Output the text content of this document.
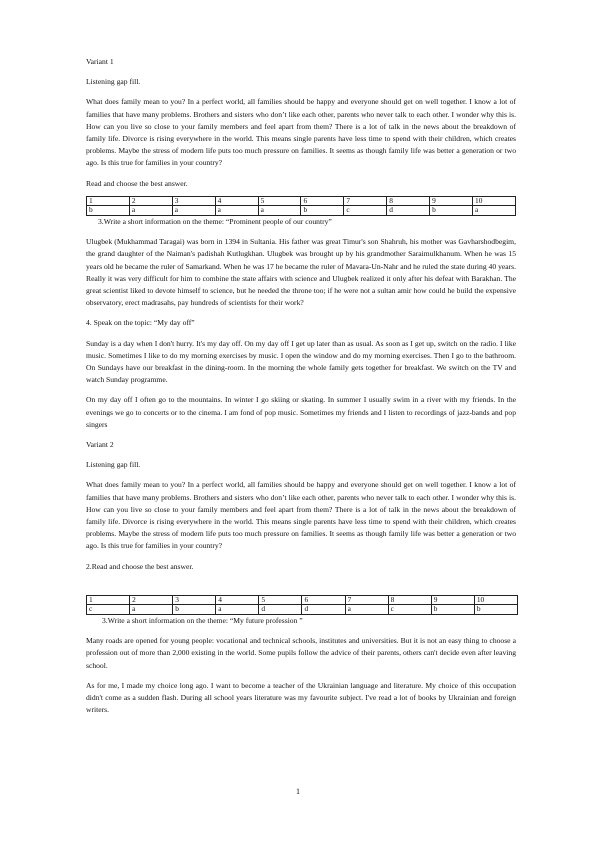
Variant 1

Listening gap fill.

What does family mean to you? In a perfect world, all families should be happy and everyone should get on well together. I know a lot of families that have many problems. Brothers and sisters who don’t like each other, parents who never talk to each other. I wonder why this is. How can you live so close to your family members and feel apart from them? There is a lot of talk in the news about the breakdown of family life. Divorce is rising everywhere in the world. This means single parents have less time to spend with their children, which creates problems. Maybe the stress of modern life puts too much pressure on families. It seems as though family life was better a generation or two ago. Is this true for families in your country?

Read and choose the best answer.

1	2	3	4	5	6	7	8	9	10
b	a	a	a	a	b	c	d	b	a

3.Write a short information on the theme: “Prominent people of our country”

Ulugbek (Mukhammad Taragai) was born in 1394 in Sultania. His father was great Timur's son Shahruh, his mother was Gavharshodbegim, the grand daughter of the Naiman's padishah Kutlugkhan. Ulugbek was brought up by his grandmother Saraimulkhanum. When he was 15 years old he became the ruler of Samarkand. When he was 17 he became the ruler of Mavara-Un-Nahr and he ruled the state during 40 years. Really it was very difficult for him to combine the state affairs with science and Ulugbek realized it only after his defeat with Barakhan. The great scientist liked to devote himself to science, but he needed the throne too; if he were not a sultan amir how could he build the expensive observatory, erect madrasahs, pay hundreds of scientists for their work?

4. Speak on the topic: “My day off”

Sunday is a day when I don't hurry. It's my day off. On my day off I get up later than as usual. As soon as I get up, switch on the radio. I like music. Sometimes I like to do my morning exercises by music. I open the window and do my morning exercises. Then I go to the bathroom. On Sundays have our breakfast in the dining-room. In the morning the whole family gets together for breakfast. We switch on the TV and watch Sunday programme.

On my day off I often go to the mountains. In winter I go skiing or skating. In summer I usually swim in a river with my friends. In the evenings we go to concerts or to the cinema. I am fond of pop music. Sometimes my friends and I listen to recordings of jazz-bands and pop singers

Variant 2

Listening gap fill.

What does family mean to you? In a perfect world, all families should be happy and everyone should get on well together. I know a lot of families that have many problems. Brothers and sisters who don’t like each other, parents who never talk to each other. I wonder why this is. How can you live so close to your family members and feel apart from them? There is a lot of talk in the news about the breakdown of family life. Divorce is rising everywhere in the world. This means single parents have less time to spend with their children, which creates problems. Maybe the stress of modern life puts too much pressure on families. It seems as though family life was better a generation or two ago. Is this true for families in your country?

2.Read and choose the best answer.

1	2	3	4	5	6	7	8	9	10
c	a	b	a	d	d	a	c	b	b

3.Write a short information on the theme: “My future profession ”

Many roads are opened for young people: vocational and technical schools, institutes and universities. But it is not an easy thing to choose a profession out of more than 2,000 existing in the world. Some pupils follow the advice of their parents, others can't decide even after leaving school.

As for me, I made my choice long ago. I want to become a teacher of the Ukrainian language and literature. My choice of this occupation didn't come as a sudden flash. During all school years literature was my favourite subject. I've read a lot of books by Ukrainian and foreign writers.

1
